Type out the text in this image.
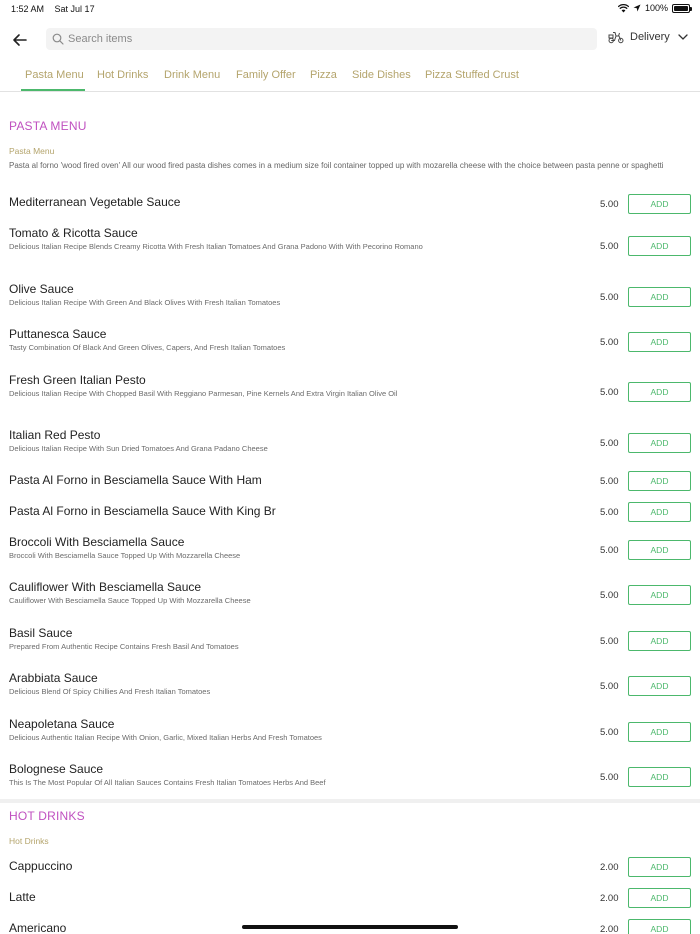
1:52 AM Sat Jul 17	100%
Search items
Delivery
Pasta Menu Hot Drinks Drink Menu Family Offer Pizza Side Dishes Pizza Stuffed Crust
PASTA MENU
Pasta Menu
Pasta al forno 'wood fired oven' All our wood fired pasta dishes comes in a medium size foil container topped up with mozarella cheese with the choice between pasta penne or spaghetti
Mediterranean Vegetable Sauce	5.00	ADD
Tomato & Ricotta Sauce
Delicious Italian Recipe Blends Creamy Ricotta With Fresh Italian Tomatoes And Grana Padono With With Pecorino Romano	5.00	ADD
Olive Sauce
Delicious Italian Recipe With Green And Black Olives With Fresh Italian Tomatoes	5.00	ADD
Puttanesca Sauce
Tasty Combination Of Black And Green Olives, Capers, And Fresh Italian Tomatoes	5.00	ADD
Fresh Green Italian Pesto
Delicious Italian Recipe With Chopped Basil With Reggiano Parmesan, Pine Kernels And Extra Virgin Italian Olive Oil	5.00	ADD
Italian Red Pesto
Delicious Italian Recipe With Sun Dried Tomatoes And Grana Padano Cheese	5.00	ADD
Pasta Al Forno in Besciamella Sauce With Ham	5.00	ADD
Pasta Al Forno in Besciamella Sauce With King Br	5.00	ADD
Broccoli With Besciamella Sauce
Broccoli With Besciamella Sauce Topped Up With Mozzarella Cheese	5.00	ADD
Cauliflower With Besciamella Sauce
Cauliflower With Besciamella Sauce Topped Up With Mozzarella Cheese	5.00	ADD
Basil Sauce
Prepared From Authentic Recipe Contains Fresh Basil And Tomatoes	5.00	ADD
Arabbiata Sauce
Delicious Blend Of Spicy Chillies And Fresh Italian Tomatoes	5.00	ADD
Neapoletana Sauce
Delicious Authentic Italian Recipe With Onion, Garlic, Mixed Italian Herbs And Fresh Tomatoes	5.00	ADD
Bolognese Sauce
This Is The Most Popular Of All Italian Sauces Contains Fresh Italian Tomatoes Herbs And Beef	5.00	ADD
HOT DRINKS
Hot Drinks
Cappuccino	2.00	ADD
Latte	2.00	ADD
Americano	2.00	ADD
